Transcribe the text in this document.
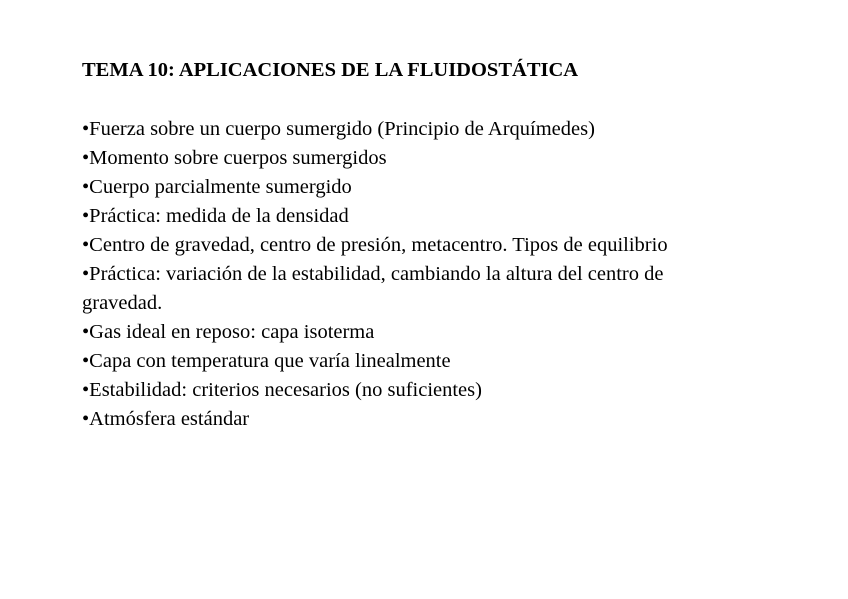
TEMA 10: APLICACIONES DE LA FLUIDOSTÁTICA
•Fuerza sobre un cuerpo sumergido (Principio de Arquímedes)
•Momento sobre cuerpos sumergidos
•Cuerpo parcialmente sumergido
•Práctica: medida de la densidad
•Centro de gravedad, centro de presión, metacentro. Tipos de equilibrio
•Práctica: variación de la estabilidad, cambiando la altura del centro de gravedad.
•Gas ideal en reposo: capa isoterma
•Capa con temperatura que varía linealmente
•Estabilidad: criterios necesarios (no suficientes)
•Atmósfera estándar
